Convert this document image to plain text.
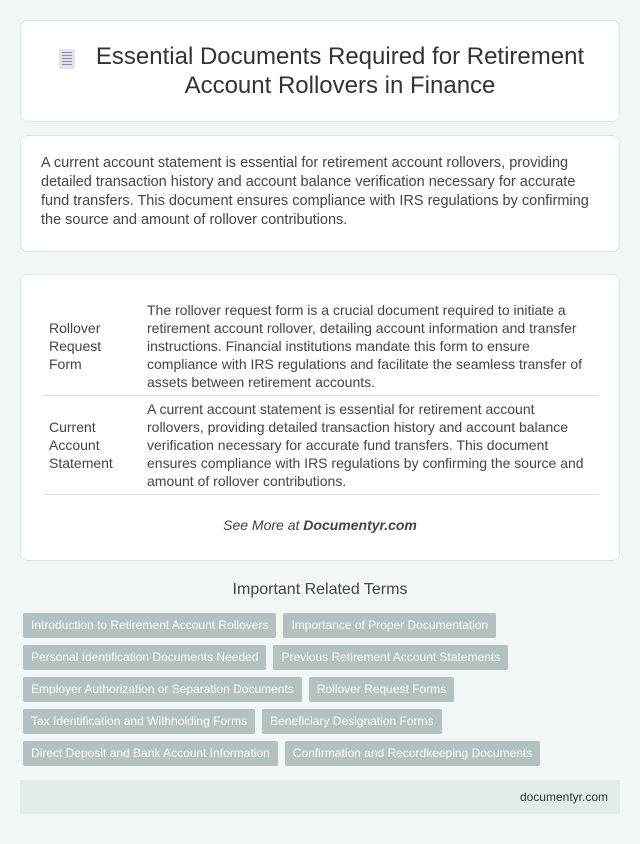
Essential Documents Required for Retirement Account Rollovers in Finance

A current account statement is essential for retirement account rollovers, providing detailed transaction history and account balance verification necessary for accurate fund transfers. This document ensures compliance with IRS regulations by confirming the source and amount of rollover contributions.

Rollover Request Form	The rollover request form is a crucial document required to initiate a retirement account rollover, detailing account information and transfer instructions. Financial institutions mandate this form to ensure compliance with IRS regulations and facilitate the seamless transfer of assets between retirement accounts.
Current Account Statement	A current account statement is essential for retirement account rollovers, providing detailed transaction history and account balance verification necessary for accurate fund transfers. This document ensures compliance with IRS regulations by confirming the source and amount of rollover contributions.
See More at Documentyr.com
Important Related Terms
Introduction to Retirement Account Rollovers	Importance of Proper Documentation
Personal Identification Documents Needed	Previous Retirement Account Statements
Employer Authorization or Separation Documents	Rollover Request Forms
Tax Identification and Withholding Forms	Beneficiary Designation Forms
Direct Deposit and Bank Account Information	Confirmation and Recordkeeping Documents
documentyr.com
